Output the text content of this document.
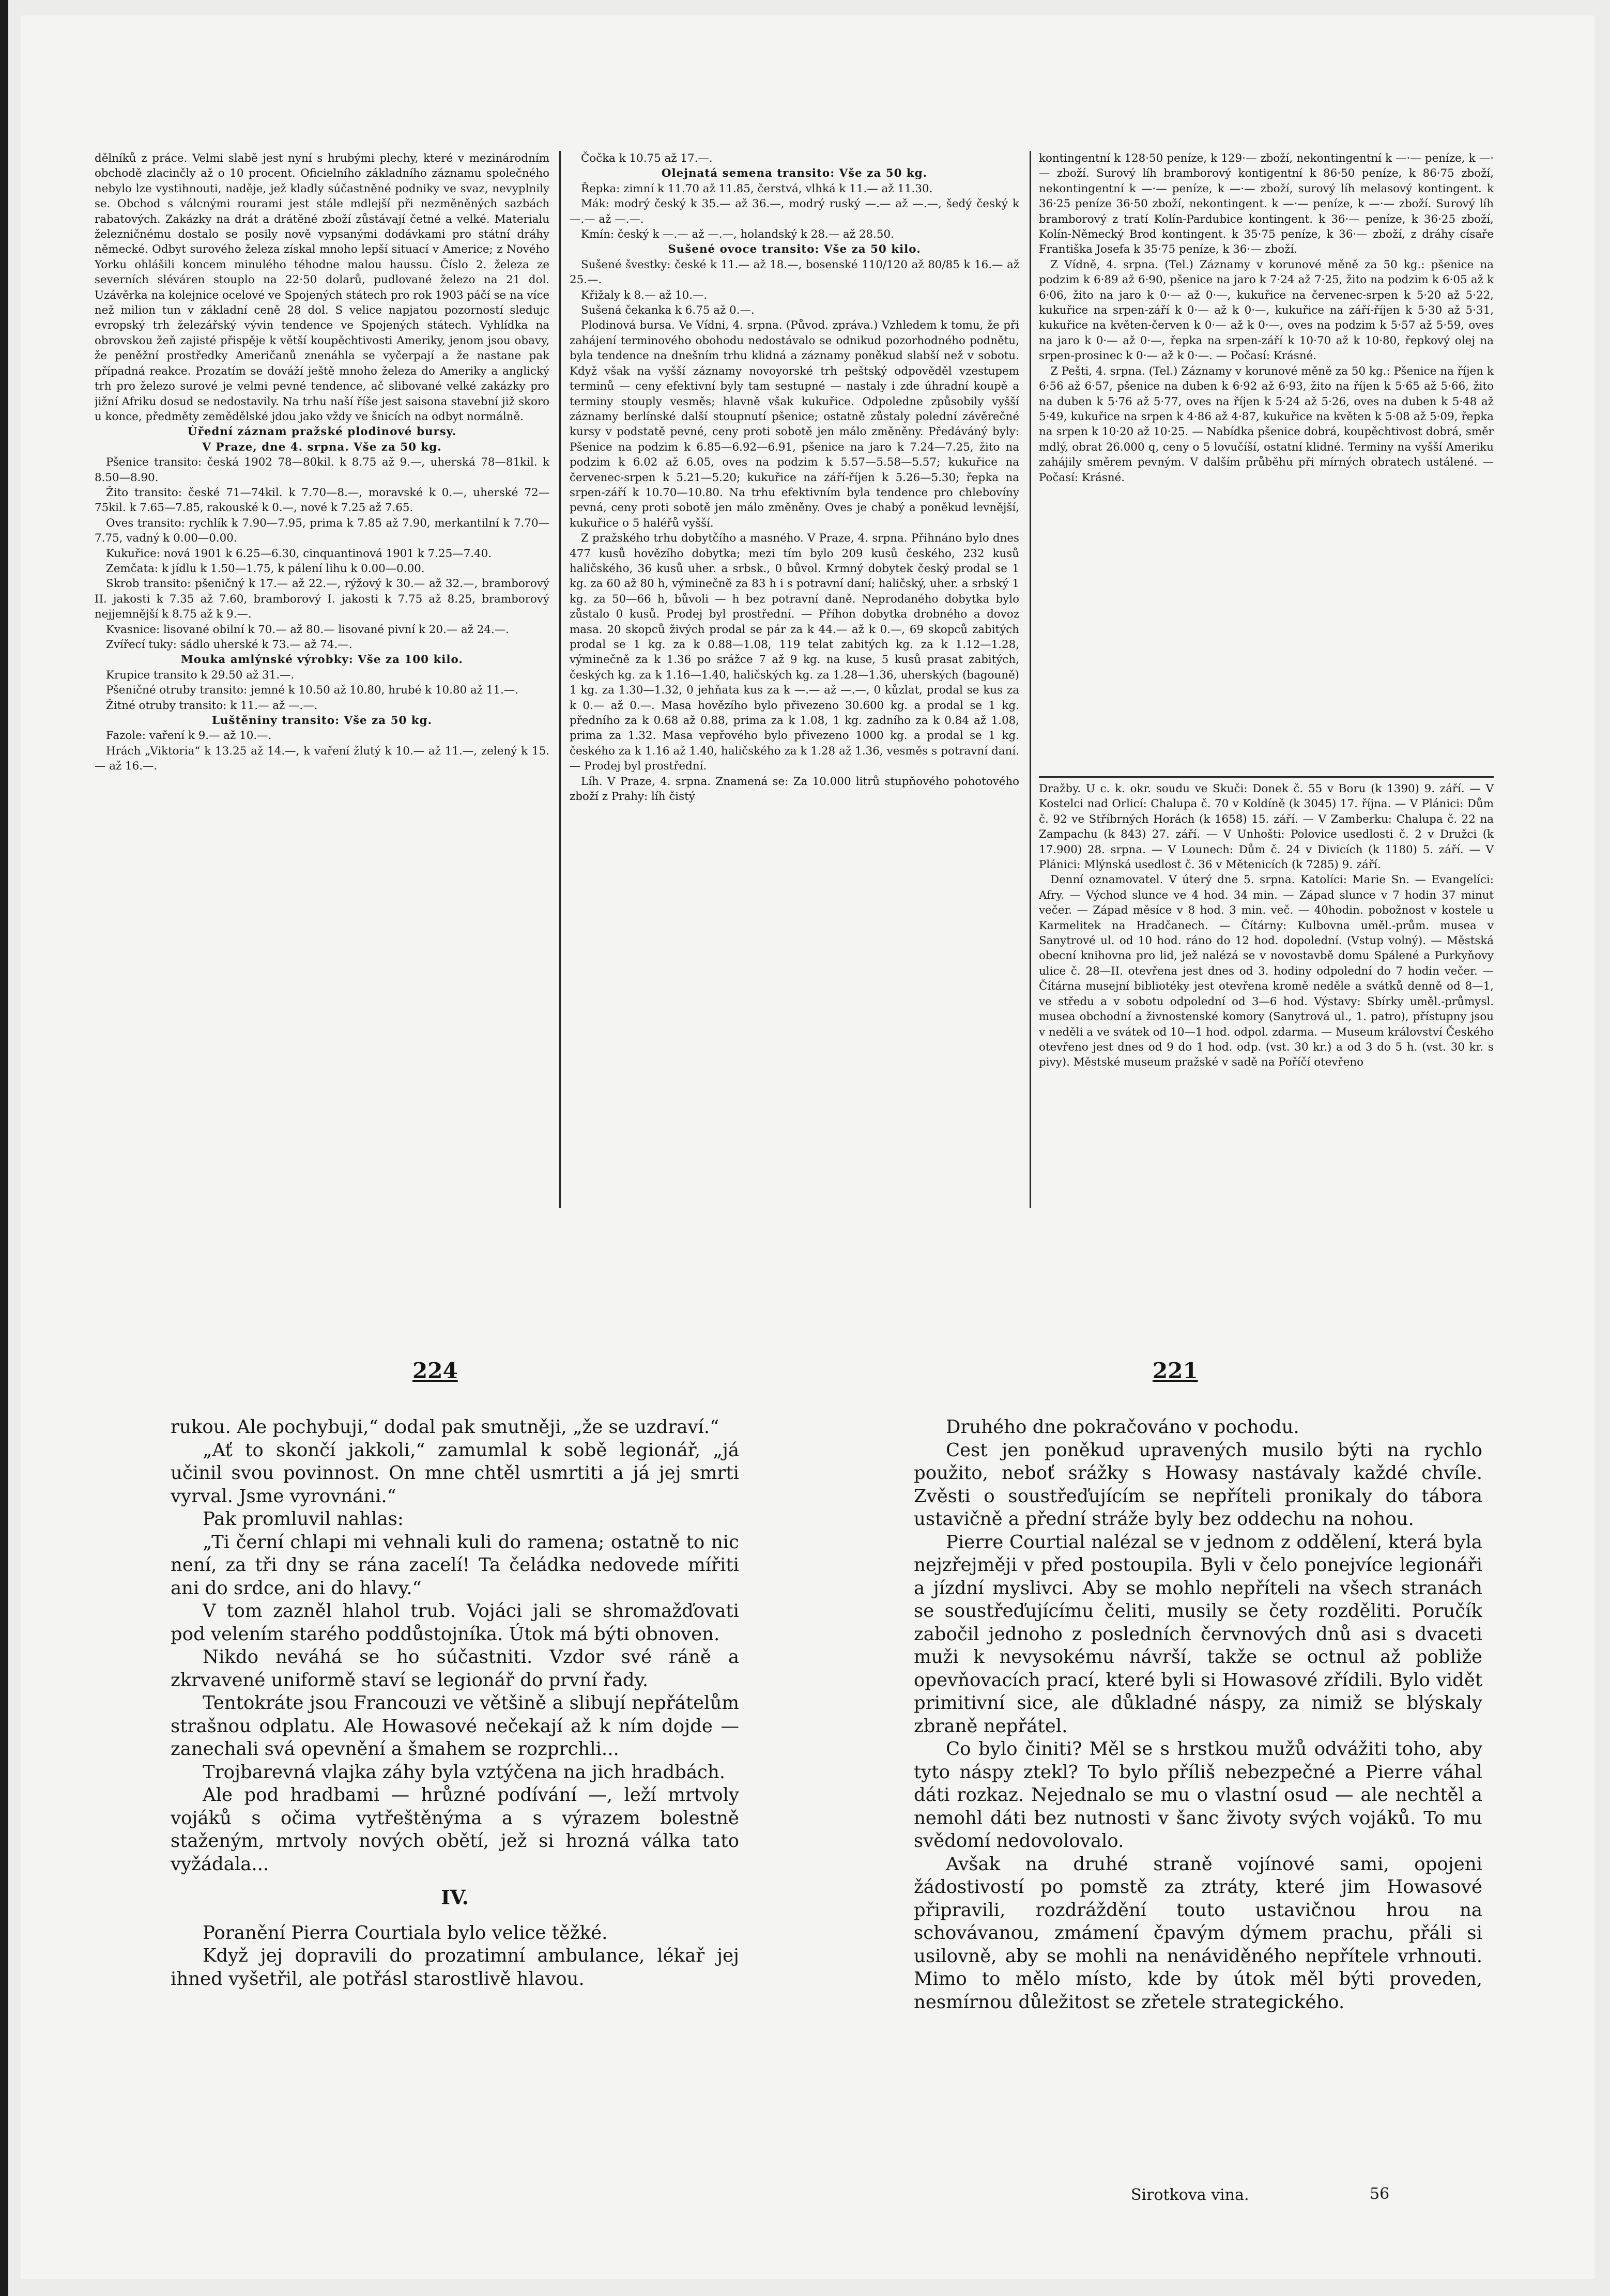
dělníků z práce. Velmi slabě jest nyní s hrubými plechy, které v mezinárodním obchodě zlacinčly až o 10 procent. Oficielního základního záznamu společného nebylo lze vystihnouti, naděje, jež kladly súčastněné podniky ve svaz, nevyplnily se. Obchod s válcnými rourami jest stále mdlejší při nezměněných sazbách rabatových. Zakázky na drát a drátěné zboží zůstávají četné a velké. Materialu železničnému dostalo se posily nově vypsanými dodávkami pro státní dráhy německé. Odbyt surového železa získal mnoho lepší situací v Americe; z Nového Yorku ohlášili koncem minulého téhodne malou haussu. Číslo 2. železa ze severních sléváren stouplo na 22·50 dolarů, pudlované železo na 21 dol. Uzávěrka na kolejnice ocelové ve Spojených státech pro rok 1903 páčí se na více než milion tun v základní ceně 28 dol. S velice napjatou pozorností sledujc evropský trh železářský vývin tendence ve Spojených státech. Vyhlídka na obrovskou žeň zajisté přispěje k větší koupěchtivosti Ameriky, jenom jsou obavy, že peněžní prostředky Američanů znenáhla se vyčerpají a že nastane pak případná reakce. Prozatím se dováží ještě mnoho železa do Ameriky a anglický trh pro železo surové je velmi pevné tendence, ač slibované velké zakázky pro jižní Afriku dosud se nedostavily. Na trhu naší říše jest saisona stavební již skoro u konce, předměty zemědělské jdou jako vždy ve šnicích na odbyt normálně.

Úřední záznam pražské plodinové bursy.

V Praze, dne 4. srpna. Vše za 50 kg.

Pšenice transito: česká 1902 78—80kil. k 8.75 až 9.—, uherská 78—81kil. k 8.50—8.90.

Žito transito: české 71—74kil. k 7.70—8.—, moravské k 0.—, uherské 72—75kil. k 7.65—7.85, rakouské k 0.—, nové k 7.25 až 7.65.

Oves transito: rychlík k 7.90—7.95, prima k 7.85 až 7.90, merkantilní k 7.70—7.75, vadný k 0.00—0.00.

Kukuřice: nová 1901 k 6.25—6.30, cinquantinová 1901 k 7.25—7.40.

Zemčata: k jídlu k 1.50—1.75, k pálení lihu k 0.00—0.00.

Skrob transito: pšeničný k 17.— až 22.—, rýžový k 30.— až 32.—, bramborový II. jakosti k 7.35 až 7.60, bramborový I. jakosti k 7.75 až 8.25, bramborový nejjemnější k 8.75 až k 9.—.

Kvasnice: lisované obilní k 70.— až 80.— lisované pivní k 20.— až 24.—.

Zvířecí tuky: sádlo uherské k 73.— až 74.—.

Mouka amlýnské výrobky: Vše za 100 kilo.

Krupice transito k 29.50 až 31.—.

Pšeničné otruby transito: jemné k 10.50 až 10.80, hrubé k 10.80 až 11.—.

Žitné otruby transito: k 11.— až —.—.

Luštěniny transito: Vše za 50 kg.

Fazole: vaření k 9.— až 10.—.

Hrách „Viktoria“ k 13.25 až 14.—, k vaření žlutý k 10.— až 11.—, zelený k 15.— až 16.—.

Čočka k 10.75 až 17.—.

Olejnatá semena transito: Vše za 50 kg.

Řepka: zimní k 11.70 až 11.85, čerstvá, vlhká k 11.— až 11.30.

Mák: modrý český k 35.— až 36.—, modrý ruský —.— až —.—, šedý český k —.— až —.—.

Kmín: český k —.— až —.—, holandský k 28.— až 28.50.

Sušené ovoce transito: Vše za 50 kilo.

Sušené švestky: české k 11.— až 18.—, bosenské 110/120 až 80/85 k 16.— až 25.—.

Křižaly k 8.— až 10.—.

Sušená čekanka k 6.75 až 0.—.

Plodinová bursa. Ve Vídni, 4. srpna. (Původ. zpráva.) Vzhledem k tomu, že při zahájení terminového obohodu nedostávalo se odnikud pozorhodného podnětu, byla tendence na dnešním trhu klidná a záznamy poněkud slabší než v sobotu. Když však na vyšší záznamy novoyorské trh peštský odpověděl vzestupem terminů — ceny efektivní byly tam sestupné — nastaly i zde úhradní koupě a terminy stouply vesměs; hlavně však kukuřice. Odpoledne způsobily vyšší záznamy berlínské další stoupnutí pšenice; ostatně zůstaly polední závěrečné kursy v podstatě pevné, ceny proti sobotě jen málo změněny. Předáváný byly: Pšenice na podzim k 6.85—6.92—6.91, pšenice na jaro k 7.24—7.25, žito na podzim k 6.02 až 6.05, oves na podzim k 5.57—5.58—5.57; kukuřice na červenec-srpen k 5.21—5.20; kukuřice na září-říjen k 5.26—5.30; řepka na srpen-září k 10.70—10.80. Na trhu efektivním byla tendence pro chlebovíny pevná, ceny proti sobotě jen málo změněny. Oves je chabý a poněkud levnější, kukuřice o 5 haléřů vyšší.

Z pražského trhu dobytčího a masného. V Praze, 4. srpna. Přihnáno bylo dnes 477 kusů hovězího dobytka; mezi tím bylo 209 kusů českého, 232 kusů haličského, 36 kusů uher. a srbsk., 0 bůvol. Krmný dobytek český prodal se 1 kg. za 60 až 80 h, výminečně za 83 h i s potravní daní; haličský, uher. a srbský 1 kg. za 50—66 h, bůvoli — h bez potravní daně. Neprodaného dobytka bylo zůstalo 0 kusů. Prodej byl prostřední. — Příhon dobytka drobného a dovoz masa. 20 skopců živých prodal se pár za k 44.— až k 0.—, 69 skopců zabitých prodal se 1 kg. za k 0.88—1.08, 119 telat zabitých kg. za k 1.12—1.28, výminečně za k 1.36 po srážce 7 až 9 kg. na kuse, 5 kusů prasat zabitých, českých kg. za k 1.16—1.40, haličských kg. za 1.28—1.36, uherských (bagouně) 1 kg. za 1.30—1.32, 0 jehňata kus za k —.— až —.—, 0 kůzlat, prodal se kus za k 0.— až 0.—. Masa hovězího bylo přivezeno 30.600 kg. a prodal se 1 kg. předního za k 0.68 až 0.88, prima za k 1.08, 1 kg. zadního za k 0.84 až 1.08, prima za 1.32. Masa vepřového bylo přivezeno 1000 kg. a prodal se 1 kg. českého za k 1.16 až 1.40, haličského za k 1.28 až 1.36, vesměs s potravní daní. — Prodej byl prostřední.

Líh. V Praze, 4. srpna. Znamená se: Za 10.000 litrů stupňového pohotového zboží z Prahy: líh čistý

kontingentní k 128·50 peníze, k 129·— zboží, nekontingentní k —·— peníze, k —·— zboží. Surový líh bramborový kontigentní k 86·50 peníze, k 86·75 zboží, nekontingentní k —·— peníze, k —·— zboží, surový líh melasový kontingent. k 36·25 peníze 36·50 zboží, nekontingent. k —·— peníze, k —·— zboží. Surový líh bramborový z tratí Kolín-Pardubice kontingent. k 36·— peníze, k 36·25 zboží, Kolín-Německý Brod kontingent. k 35·75 peníze, k 36·— zboží, z dráhy císaře Františka Josefa k 35·75 peníze, k 36·— zboží.

Z Vídně, 4. srpna. (Tel.) Záznamy v korunové měně za 50 kg.: pšenice na podzim k 6·89 až 6·90, pšenice na jaro k 7·24 až 7·25, žito na podzim k 6·05 až k 6·06, žito na jaro k 0·— až 0·—, kukuřice na červenec-srpen k 5·20 až 5·22, kukuřice na srpen-září k 0·— až k 0·—, kukuřice na září-říjen k 5·30 až 5·31, kukuřice na květen-červen k 0·— až k 0·—, oves na podzim k 5·57 až 5·59, oves na jaro k 0·— až 0·—, řepka na srpen-září k 10·70 až k 10·80, řepkový olej na srpen-prosinec k 0·— až k 0·—. — Počasí: Krásné.

Z Pešti, 4. srpna. (Tel.) Záznamy v korunové měně za 50 kg.: Pšenice na říjen k 6·56 až 6·57, pšenice na duben k 6·92 až 6·93, žito na říjen k 5·65 až 5·66, žito na duben k 5·76 až 5·77, oves na říjen k 5·24 až 5·26, oves na duben k 5·48 až 5·49, kukuřice na srpen k 4·86 až 4·87, kukuřice na květen k 5·08 až 5·09, řepka na srpen k 10·20 až 10·25. — Nabídka pšenice dobrá, koupěchtivost dobrá, směr mdlý, obrat 26.000 q, ceny o 5 lovučíší, ostatní klidné. Terminy na vyšší Ameriku zahájily směrem pevným. V dalším průběhu při mírných obratech ustálené. — Počasí: Krásné.

Dražby. U c. k. okr. soudu ve Skuči: Donek č. 55 v Boru (k 1390) 9. září. — V Kostelci nad Orlicí: Chalupa č. 70 v Koldíně (k 3045) 17. října. — V Plánici: Dům č. 92 ve Stříbrných Horách (k 1658) 15. září. — V Zamberku: Chalupa č. 22 na Zampachu (k 843) 27. září. — V Unhošti: Polovice usedlosti č. 2 v Družci (k 17.900) 28. srpna. — V Lounech: Dům č. 24 v Divicích (k 1180) 5. září. — V Plánici: Mlýnská usedlost č. 36 v Mětenicích (k 7285) 9. září.

Denní oznamovatel. V úterý dne 5. srpna. Katolíci: Marie Sn. — Evangelíci: Afry. — Východ slunce ve 4 hod. 34 min. — Západ slunce v 7 hodin 37 minut večer. — Západ měsíce v 8 hod. 3 min. več. — 40hodin. pobožnost v kostele u Karmelitek na Hradčanech. — Čítárny: Kulbovna uměl.-prům. musea v Sanytrové ul. od 10 hod. ráno do 12 hod. dopolední. (Vstup volný). — Městská obecní knihovna pro lid, jež nalézá se v novostavbě domu Spálené a Purkyňovy ulice č. 28—II. otevřena jest dnes od 3. hodiny odpolední do 7 hodin večer. — Čítárna musejní bibliotéky jest otevřena kromě neděle a svátků denně od 8—1, ve středu a v sobotu odpolední od 3—6 hod. Výstavy: Sbírky uměl.-průmysl. musea obchodní a živnostenské komory (Sanytrová ul., 1. patro), přístupny jsou v neděli a ve svátek od 10—1 hod. odpol. zdarma. — Museum království Českého otevřeno jest dnes od 9 do 1 hod. odp. (vst. 30 kr.) a od 3 do 5 h. (vst. 30 kr. s pivy). Městské museum pražské v sadě na Poříčí otevřeno

224	221

rukou. Ale pochybuji,“ dodal pak smutněji, „že se uzdraví.“

„Ať to skončí jakkoli,“ zamumlal k sobě legionář, „já učinil svou povinnost. On mne chtěl usmrtiti a já jej smrti vyrval. Jsme vyrovnáni.“

Pak promluvil nahlas:

„Ti černí chlapi mi vehnali kuli do ramena; ostatně to nic není, za tři dny se rána zacelí! Ta čeládka nedovede mířiti ani do srdce, ani do hlavy.“

V tom zazněl hlahol trub. Vojáci jali se shromažďovati pod velením starého poddůstojníka. Útok má býti obnoven.

Nikdo neváhá se ho súčastniti. Vzdor své ráně a zkrvavené uniformě staví se legionář do první řady.

Tentokráte jsou Francouzi ve většině a slibují nepřátelům strašnou odplatu. Ale Howasové nečekají až k ním dojde — zanechali svá opevnění a šmahem se rozprchli...

Trojbarevná vlajka záhy byla vztýčena na jich hradbách.

Ale pod hradbami — hrůzné podívání —, leží mrtvoly vojáků s očima vytřeštěnýma a s výrazem bolestně staženým, mrtvoly nových obětí, jež si hrozná válka tato vyžádala...

IV.

Poranění Pierra Courtiala bylo velice těžké.

Když jej dopravili do prozatimní ambulance, lékař jej ihned vyšetřil, ale potřásl starostlivě hlavou.

Druhého dne pokračováno v pochodu.

Cest jen poněkud upravených musilo býti na rychlo použito, neboť srážky s Howasy nastávaly každé chvíle. Zvěsti o soustřeďujícím se nepříteli pronikaly do tábora ustavičně a přední stráže byly bez oddechu na nohou.

Pierre Courtial nalézal se v jednom z oddělení, která byla nejzřejměji v před postoupila. Byli v čelo ponejvíce legionáři a jízdní myslivci. Aby se mohlo nepříteli na všech stranách se soustřeďujícímu čeliti, musily se čety rozděliti. Poručík zabočil jednoho z posledních červnových dnů asi s dvaceti muži k nevysokému návrší, takže se octnul až pobliže opevňovacích prací, které byli si Howasové zřídili. Bylo vidět primitivní sice, ale důkladné náspy, za nimiž se blýskaly zbraně nepřátel.

Co bylo činiti? Měl se s hrstkou mužů odvážiti toho, aby tyto náspy ztekl? To bylo příliš nebezpečné a Pierre váhal dáti rozkaz. Nejednalo se mu o vlastní osud — ale nechtěl a nemohl dáti bez nutnosti v šanc životy svých vojáků. To mu svědomí nedovolovalo.

Avšak na druhé straně vojínové sami, opojeni žádostivostí po pomstě za ztráty, které jim Howasové připravili, rozdráždění touto ustavičnou hrou na schovávanou, zmámení čpavým dýmem prachu, přáli si usilovně, aby se mohli na nenáviděného nepřítele vrhnouti. Mimo to mělo místo, kde by útok měl býti proveden, nesmírnou důležitost se zřetele strategického.

Sirotkova vina.	56
